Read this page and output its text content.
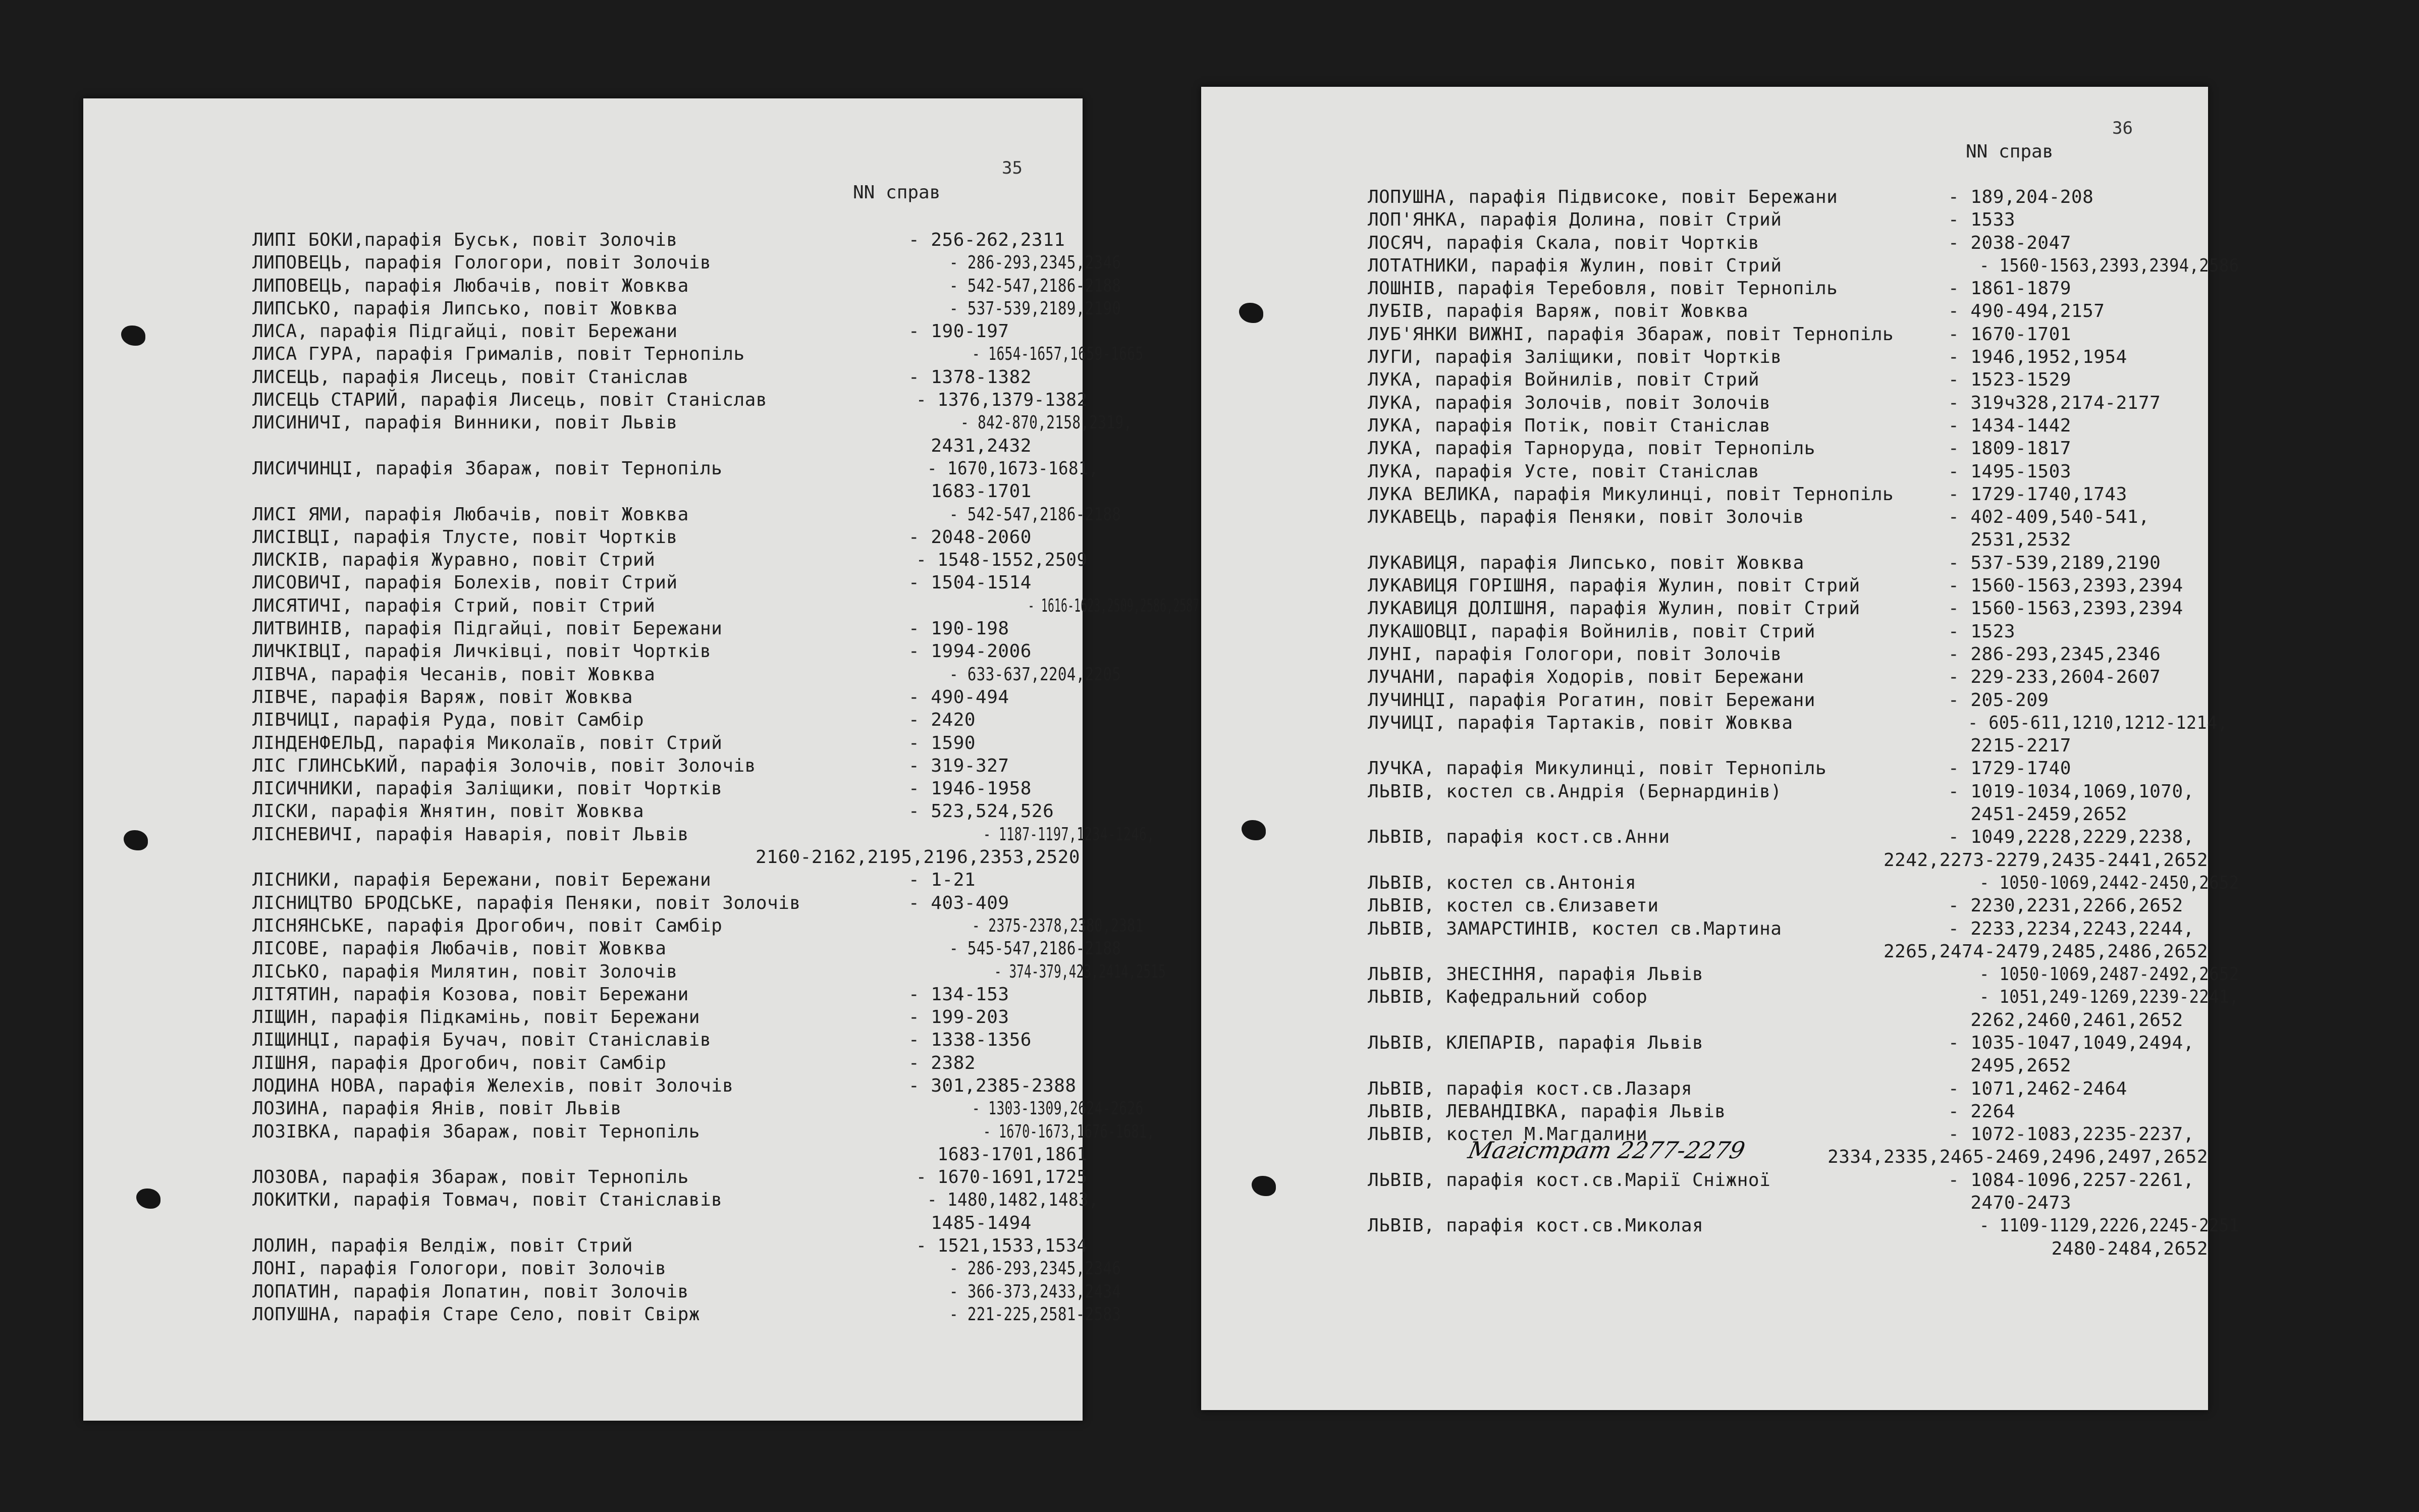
35
NN справ
ЛИПІ БОКИ,парафія Буськ, повіт Золочів	- 256-262,2311
ЛИПОВЕЦЬ, парафія Гологори, повіт Золочів	- 286-293,2345,2346
ЛИПОВЕЦЬ, парафія Любачів, повіт Жовква	- 542-547,2186-2188
ЛИПСЬКО, парафія Липсько, повіт Жовква	- 537-539,2189,2190
ЛИСА, парафія Підгайці, повіт Бережани	- 190-197
ЛИСА ГУРА, парафія Грималів, повіт Тернопіль	- 1654-1657,1659-1665
ЛИСЕЦЬ, парафія Лисець, повіт Станіслав	- 1378-1382
ЛИСЕЦЬ СТАРИЙ, парафія Лисець, повіт Станіслав	- 1376,1379-1382
ЛИСИНИЧІ, парафія Винники, повіт Львів	- 842-870,2158,2319,
2431,2432
ЛИСИЧИНЦІ, парафія Збараж, повіт Тернопіль	- 1670,1673-1681,
1683-1701
ЛИСІ ЯМИ, парафія Любачів, повіт Жовква	- 542-547,2186-2188
ЛИСІВЦІ, парафія Тлусте, повіт Чортків	- 2048-2060
ЛИСКІВ, парафія Журавно, повіт Стрий	- 1548-1552,2509
ЛИСОВИЧІ, парафія Болехів, повіт Стрий	- 1504-1514
ЛИСЯТИЧІ, парафія Стрий, повіт Стрий	- 1616-1623,2509,2586,2587
ЛИТВИНІВ, парафія Підгайці, повіт Бережани	- 190-198
ЛИЧКІВЦІ, парафія Личківці, повіт Чортків	- 1994-2006
ЛІВЧА, парафія Чесанів, повіт Жовква	- 633-637,2204,2205
ЛІВЧЕ, парафія Варяж, повіт Жовква	- 490-494
ЛІВЧИЦІ, парафія Руда, повіт Самбір	- 2420
ЛІНДЕНФЕЛЬД, парафія Миколаїв, повіт Стрий	- 1590
ЛІС ГЛИНСЬКИЙ, парафія Золочів, повіт Золочів	- 319-327
ЛІСИЧНИКИ, парафія Заліщики, повіт Чортків	- 1946-1958
ЛІСКИ, парафія Жнятин, повіт Жовква	- 523,524,526
ЛІСНЕВИЧІ, парафія Наварія, повіт Львів	- 1187-1197,1234-1246,
2160-2162,2195,2196,2353,2520
ЛІСНИКИ, парафія Бережани, повіт Бережани	- 1-21
ЛІСНИЦТВО БРОДСЬКЕ, парафія Пеняки, повіт Золочів	- 403-409
ЛІСНЯНСЬКЕ, парафія Дрогобич, повіт Самбір	- 2375-2378,2380,2381
ЛІСОВЕ, парафія Любачів, повіт Жовква	- 545-547,2186-2188
ЛІСЬКО, парафія Милятин, повіт Золочів	- 374-379,423,2414,2515
ЛІТЯТИН, парафія Козова, повіт Бережани	- 134-153
ЛІЩИН, парафія Підкамінь, повіт Бережани	- 199-203
ЛІЩИНЦІ, парафія Бучач, повіт Станіславів	- 1338-1356
ЛІШНЯ, парафія Дрогобич, повіт Самбір	- 2382
ЛОДИНА НОВА, парафія Желехів, повіт Золочів	- 301,2385-2388
ЛОЗИНА, парафія Янів, повіт Львів	- 1303-1309,2624-2626
ЛОЗІВКА, парафія Збараж, повіт Тернопіль	- 1670-1673,1676-1681,
1683-1701,1861
ЛОЗОВА, парафія Збараж, повіт Тернопіль	- 1670-1691,1725
ЛОКИТКИ, парафія Товмач, повіт Станіславів	- 1480,1482,1483,
1485-1494
ЛОЛИН, парафія Велдіж, повіт Стрий	- 1521,1533,1534
ЛОНІ, парафія Гологори, повіт Золочів	- 286-293,2345,2346
ЛОПАТИН, парафія Лопатин, повіт Золочів	- 366-373,2433,2434
ЛОПУШНА, парафія Старе Село, повіт Свірж	- 221-225,2581-2583
36
NN справ
ЛОПУШНА, парафія Підвисоке, повіт Бережани	- 189,204-208
ЛОП'ЯНКА, парафія Долина, повіт Стрий	- 1533
ЛОСЯЧ, парафія Скала, повіт Чортків	- 2038-2047
ЛОТАТНИКИ, парафія Жулин, повіт Стрий	- 1560-1563,2393,2394,2586
ЛОШНІВ, парафія Теребовля, повіт Тернопіль	- 1861-1879
ЛУБІВ, парафія Варяж, повіт Жовква	- 490-494,2157
ЛУБ'ЯНКИ ВИЖНІ, парафія Збараж, повіт Тернопіль	- 1670-1701
ЛУГИ, парафія Заліщики, повіт Чортків	- 1946,1952,1954
ЛУКА, парафія Войнилів, повіт Стрий	- 1523-1529
ЛУКА, парафія Золочів, повіт Золочів	- 319ч328,2174-2177
ЛУКА, парафія Потік, повіт Станіслав	- 1434-1442
ЛУКА, парафія Тарноруда, повіт Тернопіль	- 1809-1817
ЛУКА, парафія Усте, повіт Станіслав	- 1495-1503
ЛУКА ВЕЛИКА, парафія Микулинці, повіт Тернопіль	- 1729-1740,1743
ЛУКАВЕЦЬ, парафія Пеняки, повіт Золочів	- 402-409,540-541,
2531,2532
ЛУКАВИЦЯ, парафія Липсько, повіт Жовква	- 537-539,2189,2190
ЛУКАВИЦЯ ГОРІШНЯ, парафія Жулин, повіт Стрий	- 1560-1563,2393,2394
ЛУКАВИЦЯ ДОЛІШНЯ, парафія Жулин, повіт Стрий	- 1560-1563,2393,2394
ЛУКАШОВЦІ, парафія Войнилів, повіт Стрий	- 1523
ЛУНІ, парафія Гологори, повіт Золочів	- 286-293,2345,2346
ЛУЧАНИ, парафія Ходорів, повіт Бережани	- 229-233,2604-2607
ЛУЧИНЦІ, парафія Рогатин, повіт Бережани	- 205-209
ЛУЧИЦІ, парафія Тартаків, повіт Жовква	- 605-611,1210,1212-1214,
2215-2217
ЛУЧКА, парафія Микулинці, повіт Тернопіль	- 1729-1740
ЛЬВІВ, костел св.Андрія (Бернардинів)	- 1019-1034,1069,1070,
2451-2459,2652
ЛЬВІВ, парафія кост.св.Анни	- 1049,2228,2229,2238,
2242,2273-2279,2435-2441,2652
ЛЬВІВ, костел св.Антонія	- 1050-1069,2442-2450,2652
ЛЬВІВ, костел св.Єлизавети	- 2230,2231,2266,2652
ЛЬВІВ, ЗАМАРСТИНІВ, костел св.Мартина	- 2233,2234,2243,2244,
2265,2474-2479,2485,2486,2652
ЛЬВІВ, ЗНЕСІННЯ, парафія Львів	- 1050-1069,2487-2492,2652
ЛЬВІВ, Кафедральний собор	- 1051,249-1269,2239-2241,
2262,2460,2461,2652
ЛЬВІВ, КЛЕПАРІВ, парафія Львів	- 1035-1047,1049,2494,
2495,2652
ЛЬВІВ, парафія кост.св.Лазаря	- 1071,2462-2464
ЛЬВІВ, ЛЕВАНДІВКА, парафія Львів	- 2264
ЛЬВІВ, костел М.Магдалини	- 1072-1083,2235-2237,
2334,2335,2465-2469,2496,2497,2652
ЛЬВІВ, парафія кост.св.Марії Снiжної	- 1084-1096,2257-2261,
2470-2473
ЛЬВІВ, парафія кост.св.Миколая	- 1109-1129,2226,2245-2251
2480-2484,2652
Магістрат 2277-2279
